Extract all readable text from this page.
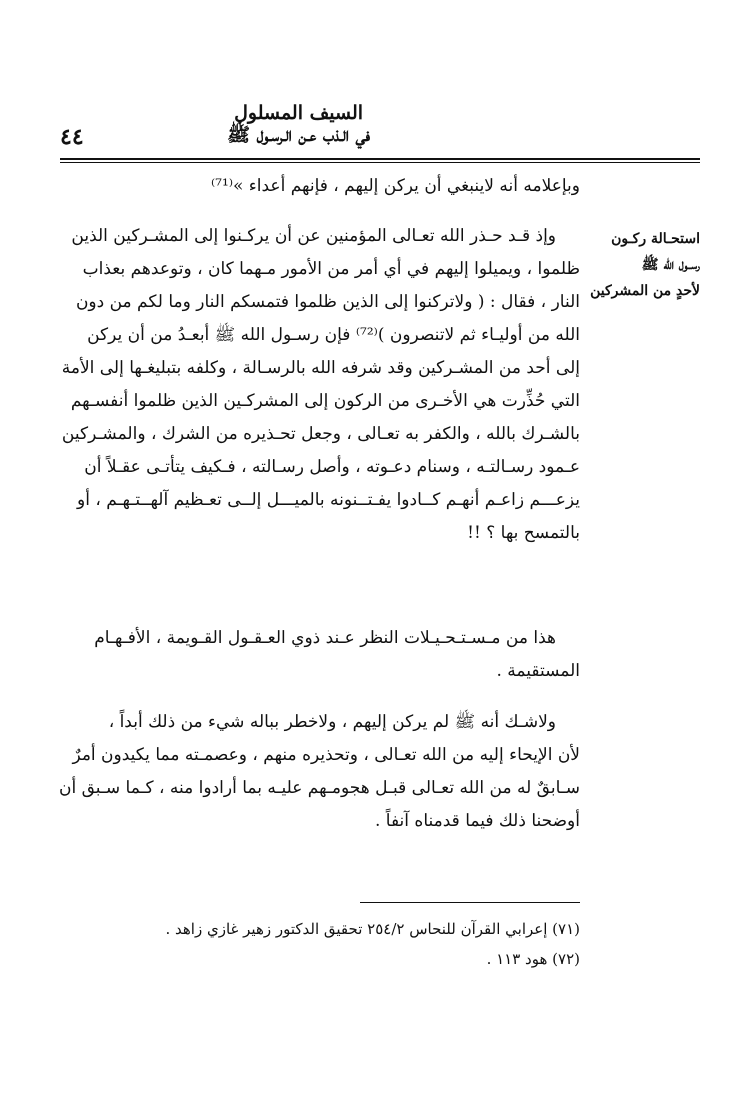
٤٤
السيف المسلول
في الـذب عـن الـرسـول ﷺ
استحـالة ركـون
رســول الله ﷺ
لأحدٍ من المشركين
وبإعلامه أنه لاينبغي أن يركن إليهم ، فإنهم أعداء »⁽⁷¹⁾
وإذ قـد حـذر الله تعـالى المؤمنين عن أن يركـنوا إلى المشـركين الذين
ظلموا ، ويميلوا إليهم في أي أمر من الأمور مـهما كان ، وتوعدهم بعذاب
النار ، فقال : ( ولاتركنوا إلى الذين ظلموا فتمسكم النار وما لكم من دون
الله من أوليـاء ثم لاتنصرون )⁽⁷²⁾ فإن رسـول الله ﷺ أبعـدُ من أن يركن
إلى أحد من المشـركين وقد شرفه الله بالرسـالة ، وكلفه بتبليغـها إلى الأمة
التي حُذِّرت هي الأخـرى من الركون إلى المشركـين الذين ظلموا أنفسـهم
بالشـرك بالله ، والكفر به تعـالى ، وجعل تحـذيره من الشرك ، والمشـركين
عـمود رسـالتـه ، وسنام دعـوته ، وأصل رسـالته ، فـكيف يتأتـى عقـلاً أن
يزعـــم زاعـم أنهـم كــادوا يفـتــنونه بالميـــل إلــى تعـظيم آلهــتـهـم ، أو
بالتمسح بها ؟ !!
هذا من مـسـتـحـيـلات النظر عـند ذوي العـقـول القـويمة ، الأفـهـام
المستقيمة .
ولاشـك أنه ﷺ لم يركن إليهم ، ولاخطر بباله شيء من ذلك أبداً ،
لأن الإيحاء إليه من الله تعـالى ، وتحذيره منهم ، وعصمـته مما يكيدون أمرٌ
سـابقٌ له من الله تعـالى قبـل هجومـهم عليـه بما أرادوا منه ، كـما سـبق أن
أوضحنا ذلك فيما قدمناه آنفاً .
(٧١) إعرابي القرآن للنحاس ٢٥٤/٢ تحقيق الدكتور زهير غازي زاهد .
(٧٢) هود ١١٣ .
